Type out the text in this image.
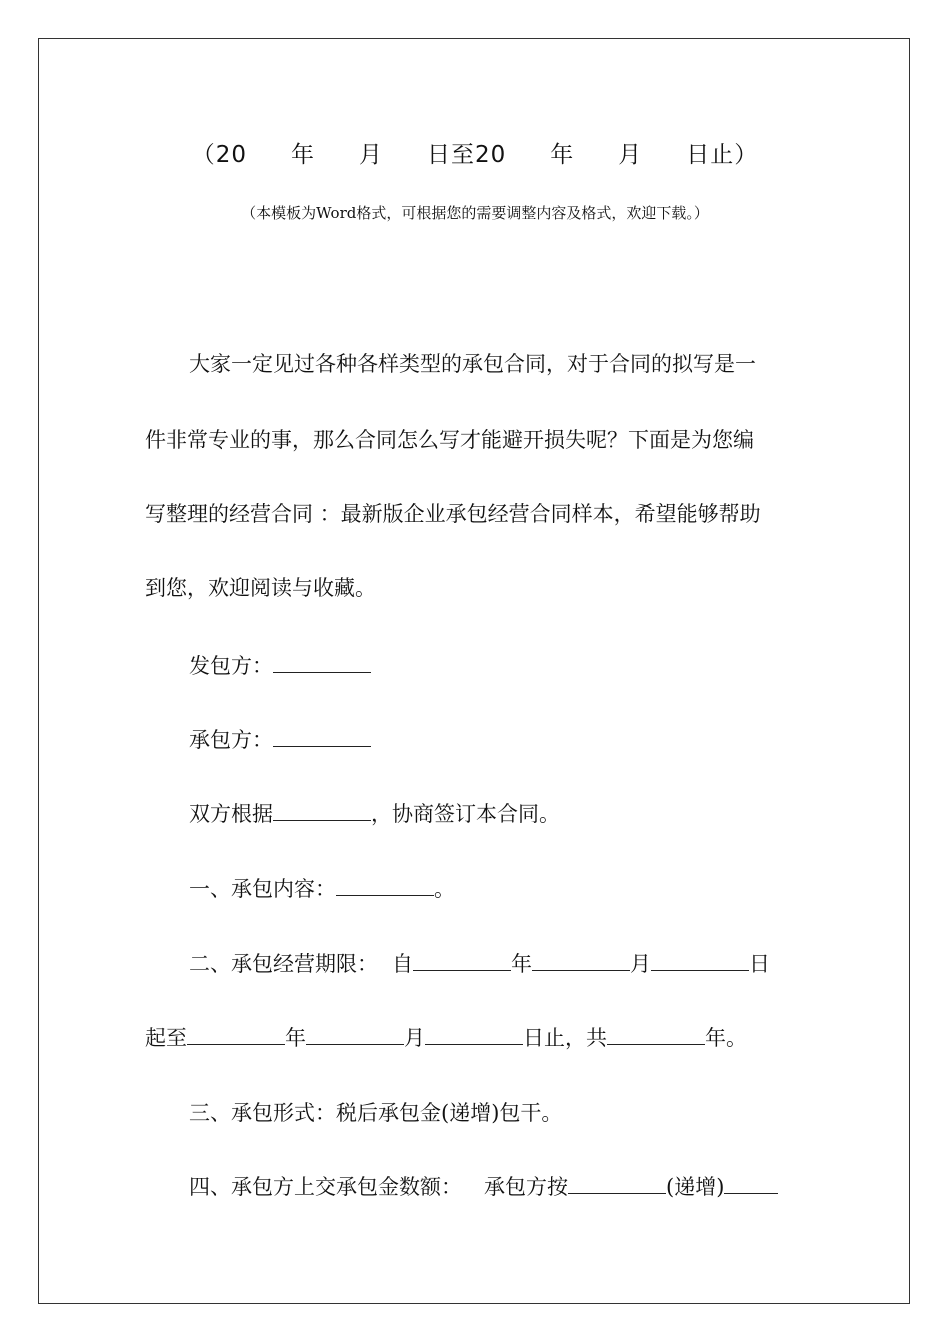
（20 年 月 日至20 年 月 日止）
（本模板为Word格式，可根据您的需要调整内容及格式，欢迎下载。）
大家一定见过各种各样类型的承包合同，对于合同的拟写是一
件非常专业的事，那么合同怎么写才能避开损失呢？下面是为您编
写整理的经营合同 ：最新版企业承包经营合同样本，希望能够帮助
到您，欢迎阅读与收藏。
发包方：
承包方：
双方根据	，协商签订本合同。
一、承包内容：	。
二、承包经营期限： 自	年	月	日
起至	年	月	日止，共	年。
三、承包形式：税后承包金(递增)包干。
四、承包方上交承包金数额： 承包方按	(递增)
